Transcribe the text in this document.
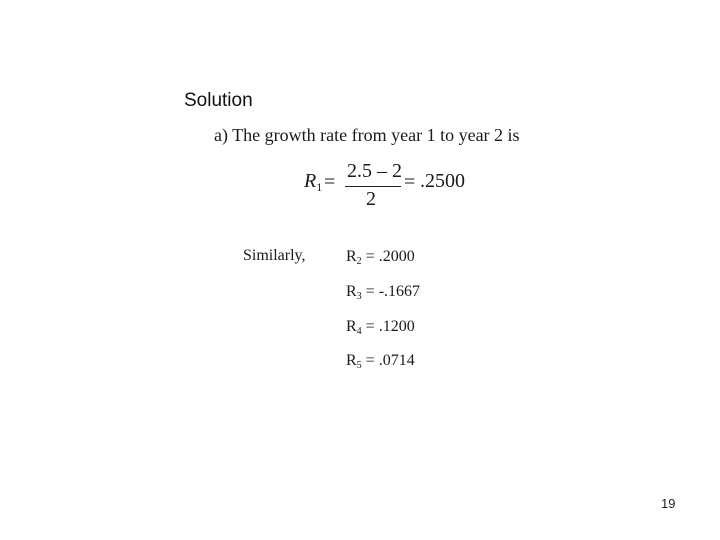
Solution
a) The growth rate from year 1 to year 2 is
$R_1 = 2.5 - 2$
2
= .2500
Similarly,	$R_2 = .2000$
$R_3 = -.1667$
$R_4 = .1200$
$R_5 = .0714$
19
